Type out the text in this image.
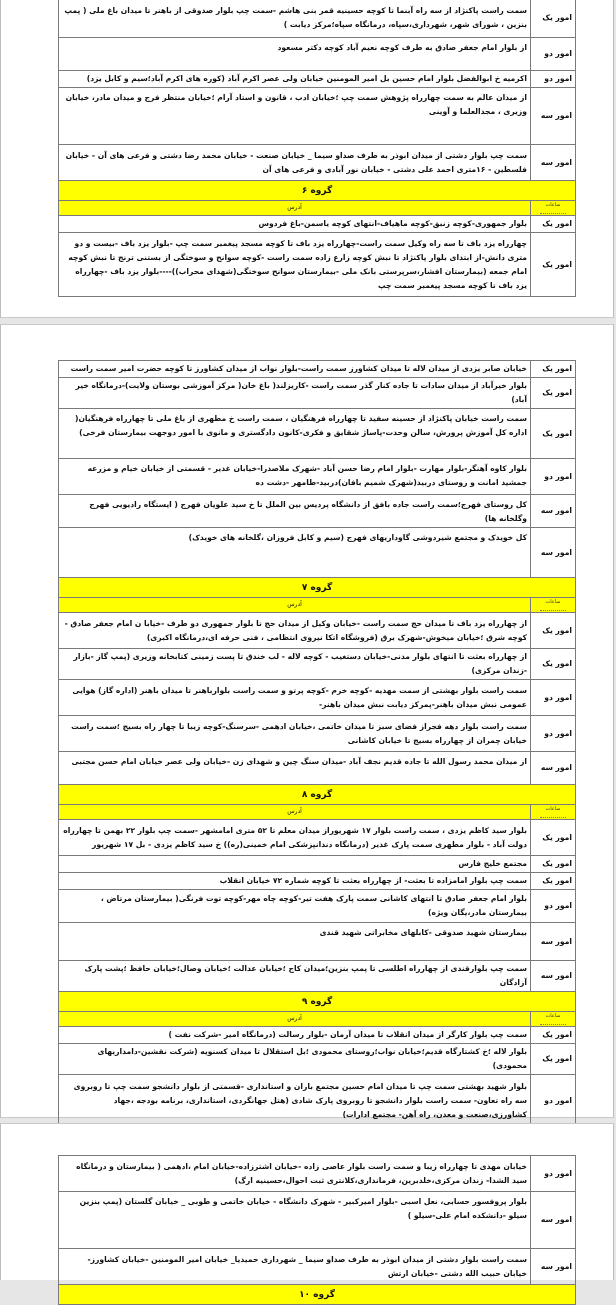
امور یک	سمت راست پاکنژاد از سه راه آبنما تا کوچه حسینیه قمر بنی هاشم -سمت چپ بلوار صدوقی از باهنر تا میدان باغ ملی ( پمپ بنزین ، شورای شهر، شهرداری،سپاه، درمانگاه سپاه؛مرکز دیابت )
امور دو	از بلوار امام جعفر صادق به طرف کوچه نعیم آباد کوچه دکتر مسعود
امور دو	اکرمیه خ ابوالفضل بلوار امام حسین بل امیر المومنین خیابان ولی عصر اکرم آباد (کوره های اکرم آباد؛سیم و کابل یزد)
امور سه	از میدان عالم به سمت چهارراه پژوهش سمت چپ ؛خیابان ادب ، قانون و استاد آرام ؛خیابان منتظر فرج و میدان مادر، خیابان وزیری ، مجدالعلما و آوینی
امور سه	سمت چپ بلوار دشتی از میدان ابوذر به طرف صداو سیما _ خیابان صنعت - خیابان محمد رضا دشتی و فرعی های آن - خیابان فلسطین - ۱۶متری احمد علی دشتی - خیابان نور آبادی و فرعی های آن
گروه ۶	
ساعات	آدرس
امور یک	بلوار جمهوری-کوچه زنبق-کوچه ماهیاف-انتهای کوچه یاسمن-باغ فردوس
امور یک	چهارراه یزد باف تا سه راه وکیل سمت راست-چهارراه یزد باف تا کوچه مسجد پیغمبر سمت چپ -بلوار یزد باف -بیست و دو متری دانش-از ابتدای بلوار پاکنژاد تا نبش کوچه زارع زاده سمت راست -کوچه سوانح و سوختگی از بستنی ترنج تا نبش کوچه امام جمعه (بیمارستان افشار،سرپرستی بانک ملی -بیمارستان سوانح سوختگی(شهدای محراب))----بلوار یزد باف -چهارراه یزد باف تا کوچه مسجد پیغمبر سمت چپ
امور یک	خیابان صابر یزدی از میدان لاله تا میدان کشاورز سمت راست-بلوار نواب از میدان کشاورز تا کوچه حضرت امیر سمت راست
امور یک	بلوار خیرآباد از میدان سادات تا جاده کنار گذر سمت راست -کاریزلند( باغ خان( مرکز آموزشی بوستان ولایت)-درمانگاه خیر آباد)
امور یک	سمت راست خیابان پاکنژاد از حسینه سفید تا چهارراه فرهنگیان ، سمت راست خ مطهری از باغ ملی تا چهارراه فرهنگیان( اداره کل آموزش پرورش، سالن وحدت-پاساژ شقایق و فکری-کانون دادگستری و مانوی با امور دوجهت بیمارستان فرخی)
امور دو	بلوار کاوه آهنگر-بلوار مهارت -بلوار امام رضا حسن آباد -شهرک ملاصدرا-خیابان غدیر - قسمتی از خیابان خیام و مزرعه جمشید امانت و روستای دربید(شهرک شمیم بافان)دربید-طامهر -دشت ده
امور سه	کل روستای فهرج؛سمت راست جاده بافق از دانشگاه پردیس بین الملل تا خ سید علویان فهرج ( ایستگاه رادیویی فهرج وگلخانه ها)
امور سه	کل خویدک و مجتمع شیردوشی گاوداریهای فهرج (سیم و کابل فروزان ،گلخانه های خویدک)
گروه ۷	
ساعات	آدرس
امور یک	از چهارراه یزد باف تا میدان حج سمت راست -خیابان وکیل از میدان حج تا بلوار جمهوری دو طرف -خیابا ن امام جعفر صادق - کوچه شرق ؛خیابان میخوش-شهرک برق (فروشگاه اتکا نیروی انتظامی ، فنی حرفه ای،درمانگاه اکبری)
امور یک	از چهارراه بعثت تا انتهای بلوار مدنی-خیابان دستغیب - کوچه لاله - لب خندق تا پست زمینی کتابخانه وزیری (پمپ گاز -بازار -زندان مرکزی)
امور دو	سمت راست بلوار بهشتی از سمت مهدیه -کوچه خرم -کوچه پرتو و سمت راست بلوارباهنر تا میدان باهنر (اداره گاز) هوایی عمومی نبش میدان باهنر-پمرکز دیابت نبش میدان باهنر-
امور دو	سمت راست بلوار دهه فجراز فضای سبز تا میدان خاتمی ،خیابان ادهمی -سرسنگ-کوچه زیبا تا چهار راه بسیج ؛سمت راست خیابان چمران از چهارراه بسیج تا خیابان کاشانی
امور سه	از میدان محمد رسول الله تا جاده قدیم نجف آباد -میدان سنگ چین و شهدای زن -خیابان ولی عصر خیابان امام حسن مجتبی
گروه ۸	
ساعات	آدرس
امور یک	بلوار سید کاظم یزدی ، سمت راست بلوار ۱۷ شهریوراز میدان معلم تا ۵۲ متری امامشهر -سمت چپ بلوار ۲۲ بهمن تا چهارراه دولت آباد - بلوار مطهری سمت پارک غدیر (درمانگاه دندانپزشکی امام خمینی(ره)) خ سید کاظم یزدی - بل ۱۷ شهریور
امور یک	مجتمع خلیج فارس
امور یک	سمت چپ بلوار امامزاده تا بعثت- از چهارراه بعثت تا کوچه شماره ۷۲ خیابان انقلاب
امور دو	بلوار امام جعفر صادق تا انتهای کاشانی سمت پارک هفت تیر-کوچه چاه مهر-کوچه توت فرنگی( بیمارستان مرتاض ، بیمارستان مادر،یگان ویژه)
امور سه	بیمارستان شهید صدوقی -کابلهای مخابراتی شهید قندی
امور سه	سمت چپ بلوارقندی از چهارراه اطلسی تا پمپ بنزین؛میدان کاج ؛خیابان عدالت ؛خیابان وصال؛خیابان حافظ ؛پشت پارک آزادگان
گروه ۹	
ساعات	آدرس
امور یک	سمت چپ بلوار کارگر از میدان انقلاب تا میدان آرمان -بلوار رسالت (درمانگاه امیر -شرکت نفت )
امور یک	بلوار لاله ؛خ کشتارگاه قدیم؛خیابان نواب؛روستای محمودی ؛بل استقلال تا میدان کسنویه (شرکت نقشین-دامداریهای محمودی)
امور دو	بلوار شهید بهشتی سمت چپ تا میدان امام حسین مجتمع باران و استانداری -قسمتی از بلوار دانشجو سمت چپ تا روبروی سه راه تعاون- سمت راست بلوار دانشجو تا روبروی پارک شادی (هتل جهانگردی، استانداری، برنامه بودجه ،جهاد کشاورزی،صنعت و معدن، راه آهن- مجتمع ادارات)

امور دو	خیابان مهدی تا چهارراه زیبا و سمت راست بلوار عاصی زاده -خیابان اشترزاده-خیابان امام ،ادهمی ( بیمارستان و درمانگاه سید الشدا- زندان مرکزی،خلدبرین، فرمانداری،کلانتری ثبت احوال،حسینیه ارگ)
امور سه	بلوار پروفسور حسابی، نعل اسبی -بلوار امیرکبیر - شهرک دانشگاه - خیابان خاتمی و طوبی _ خیابان گلستان (پمپ بنزین سیلو -دانشکده امام علی-سیلو )
امور سه	سمت راست بلوار دشتی از میدان ابوذر به طرف صداو سیما _ شهرداری حمیدیا_ خیابان امیر المومنین -خیابان کشاورز- خیابان حبیب الله دشتی -خیابان ارتش
گروه ۱۰	
